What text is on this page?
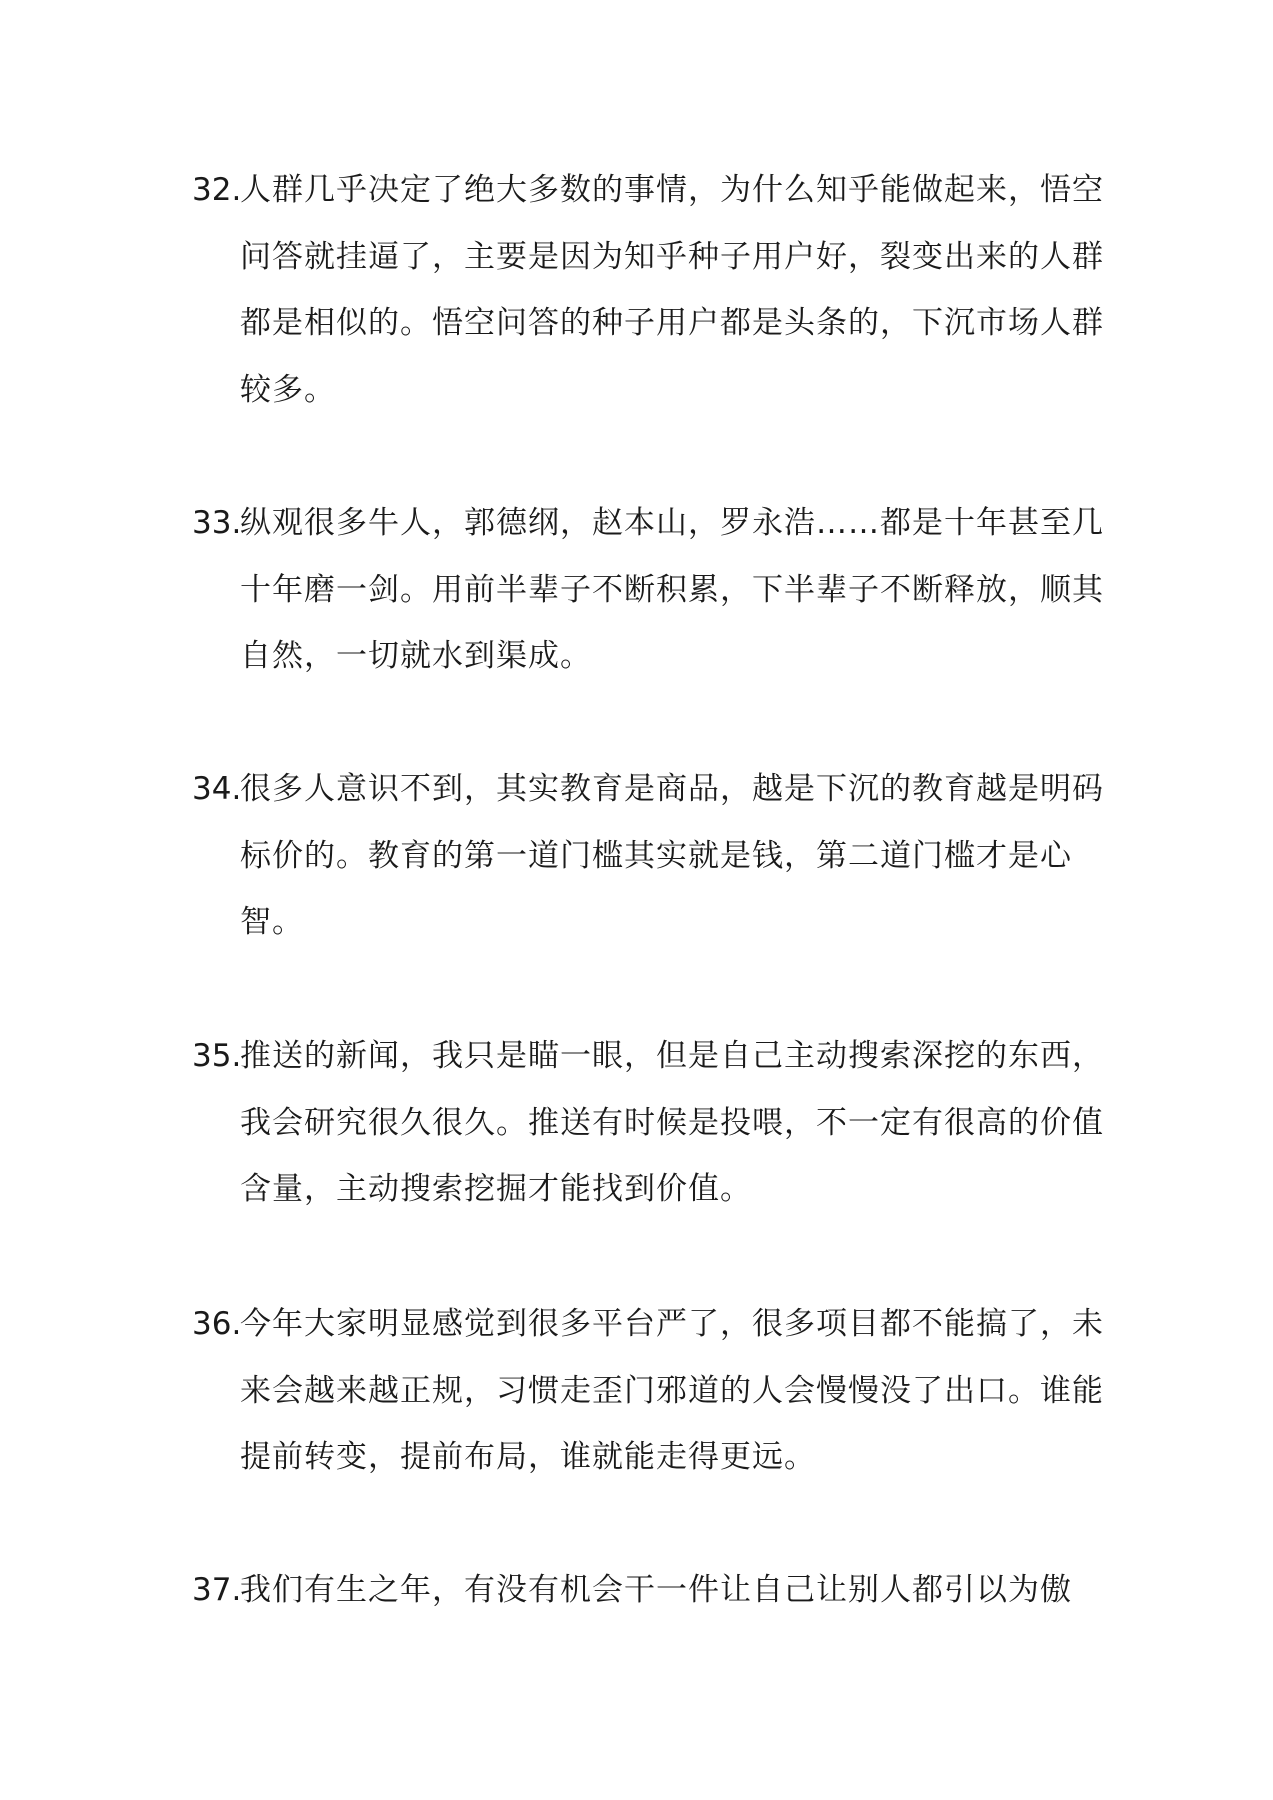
32.
人群几乎决定了绝大多数的事情，为什么知乎能做起来，悟空
问答就挂逼了，主要是因为知乎种子用户好，裂变出来的人群
都是相似的。悟空问答的种子用户都是头条的，下沉市场人群
较多。
33.
纵观很多牛人，郭德纲，赵本山，罗永浩……都是十年甚至几
十年磨一剑。用前半辈子不断积累，下半辈子不断释放，顺其
自然，一切就水到渠成。
34.
很多人意识不到，其实教育是商品，越是下沉的教育越是明码
标价的。教育的第一道门槛其实就是钱，第二道门槛才是心
智。
35.
推送的新闻，我只是瞄一眼，但是自己主动搜索深挖的东西，
我会研究很久很久。推送有时候是投喂，不一定有很高的价值
含量，主动搜索挖掘才能找到价值。
36.
今年大家明显感觉到很多平台严了，很多项目都不能搞了，未
来会越来越正规，习惯走歪门邪道的人会慢慢没了出口。谁能
提前转变，提前布局，谁就能走得更远。
37.
我们有生之年，有没有机会干一件让自己让别人都引以为傲
